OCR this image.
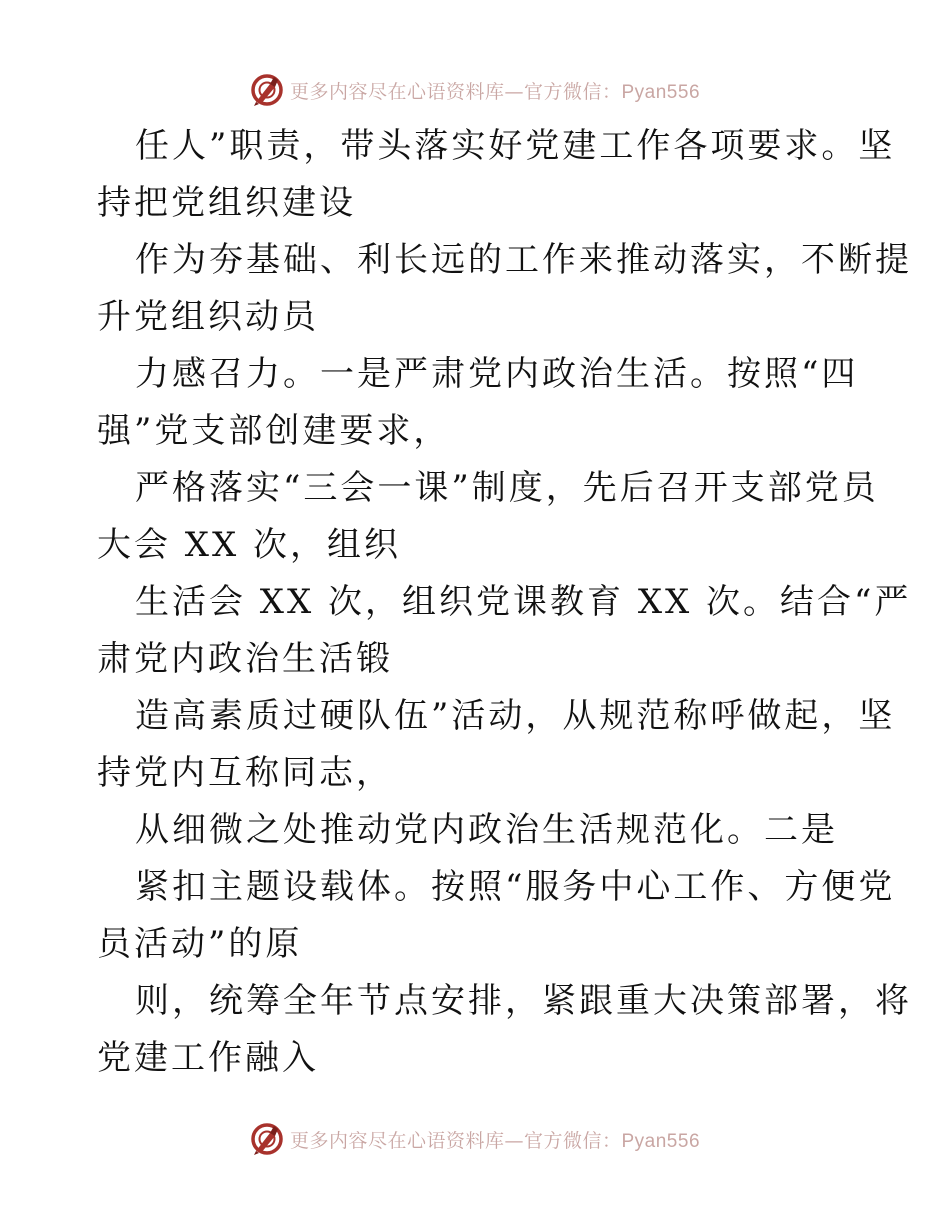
更多内容尽在心语资料库—官方微信：Pyan556

任人”职责，带头落实好党建工作各项要求。坚
持把党组织建设

作为夯基础、利长远的工作来推动落实，不断提
升党组织动员

力感召力。一是严肃党内政治生活。按照“四
强”党支部创建要求，

严格落实“三会一课”制度，先后召开支部党员
大会 XX 次，组织

生活会 XX 次，组织党课教育 XX 次。结合“严
肃党内政治生活锻

造高素质过硬队伍”活动，从规范称呼做起，坚
持党内互称同志，

从细微之处推动党内政治生活规范化。二是

紧扣主题设载体。按照“服务中心工作、方便党
员活动”的原

则，统筹全年节点安排，紧跟重大决策部署，将
党建工作融入

更多内容尽在心语资料库—官方微信：Pyan556
